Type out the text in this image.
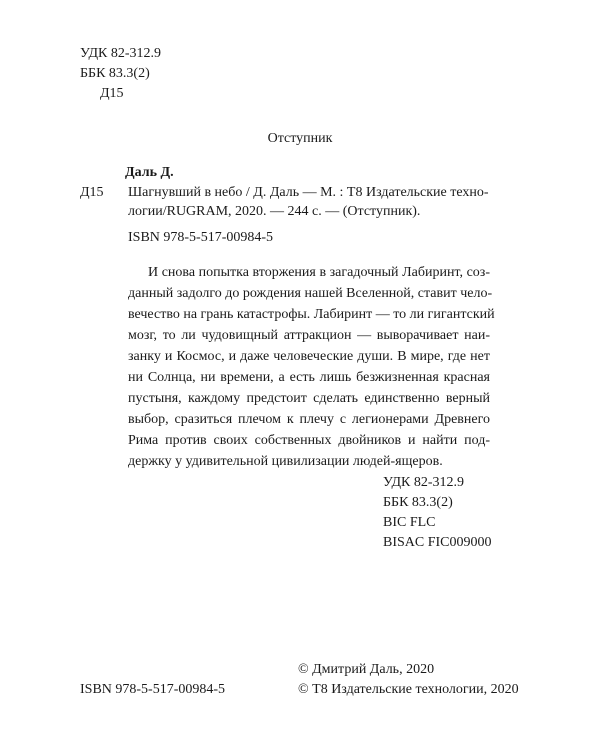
УДК 82-312.9
ББК 83.3(2)
Д15
Отступник
Даль Д.
Д15 Шагнувший в небо / Д. Даль — М. : Т8 Издательские техно-
логии/RUGRAM, 2020. — 244 с. — (Отступник).
ISBN 978-5-517-00984-5
И снова попытка вторжения в загадочный Лабиринт, соз-
данный задолго до рождения нашей Вселенной, ставит чело-
вечество на грань катастрофы. Лабиринт — то ли гигантский
мозг, то ли чудовищный аттракцион — выворачивает наи-
занку и Космос, и даже человеческие души. В мире, где нет
ни Солнца, ни времени, а есть лишь безжизненная красная
пустыня, каждому предстоит сделать единственно верный
выбор, сразиться плечом к плечу с легионерами Древнего
Рима против своих собственных двойников и найти под-
держку у удивительной цивилизации людей-ящеров.
УДК 82-312.9
ББК 83.3(2)
BIC FLC
BISAC FIC009000
© Дмитрий Даль, 2020
ISBN 978-5-517-00984-5	© Т8 Издательские технологии, 2020
